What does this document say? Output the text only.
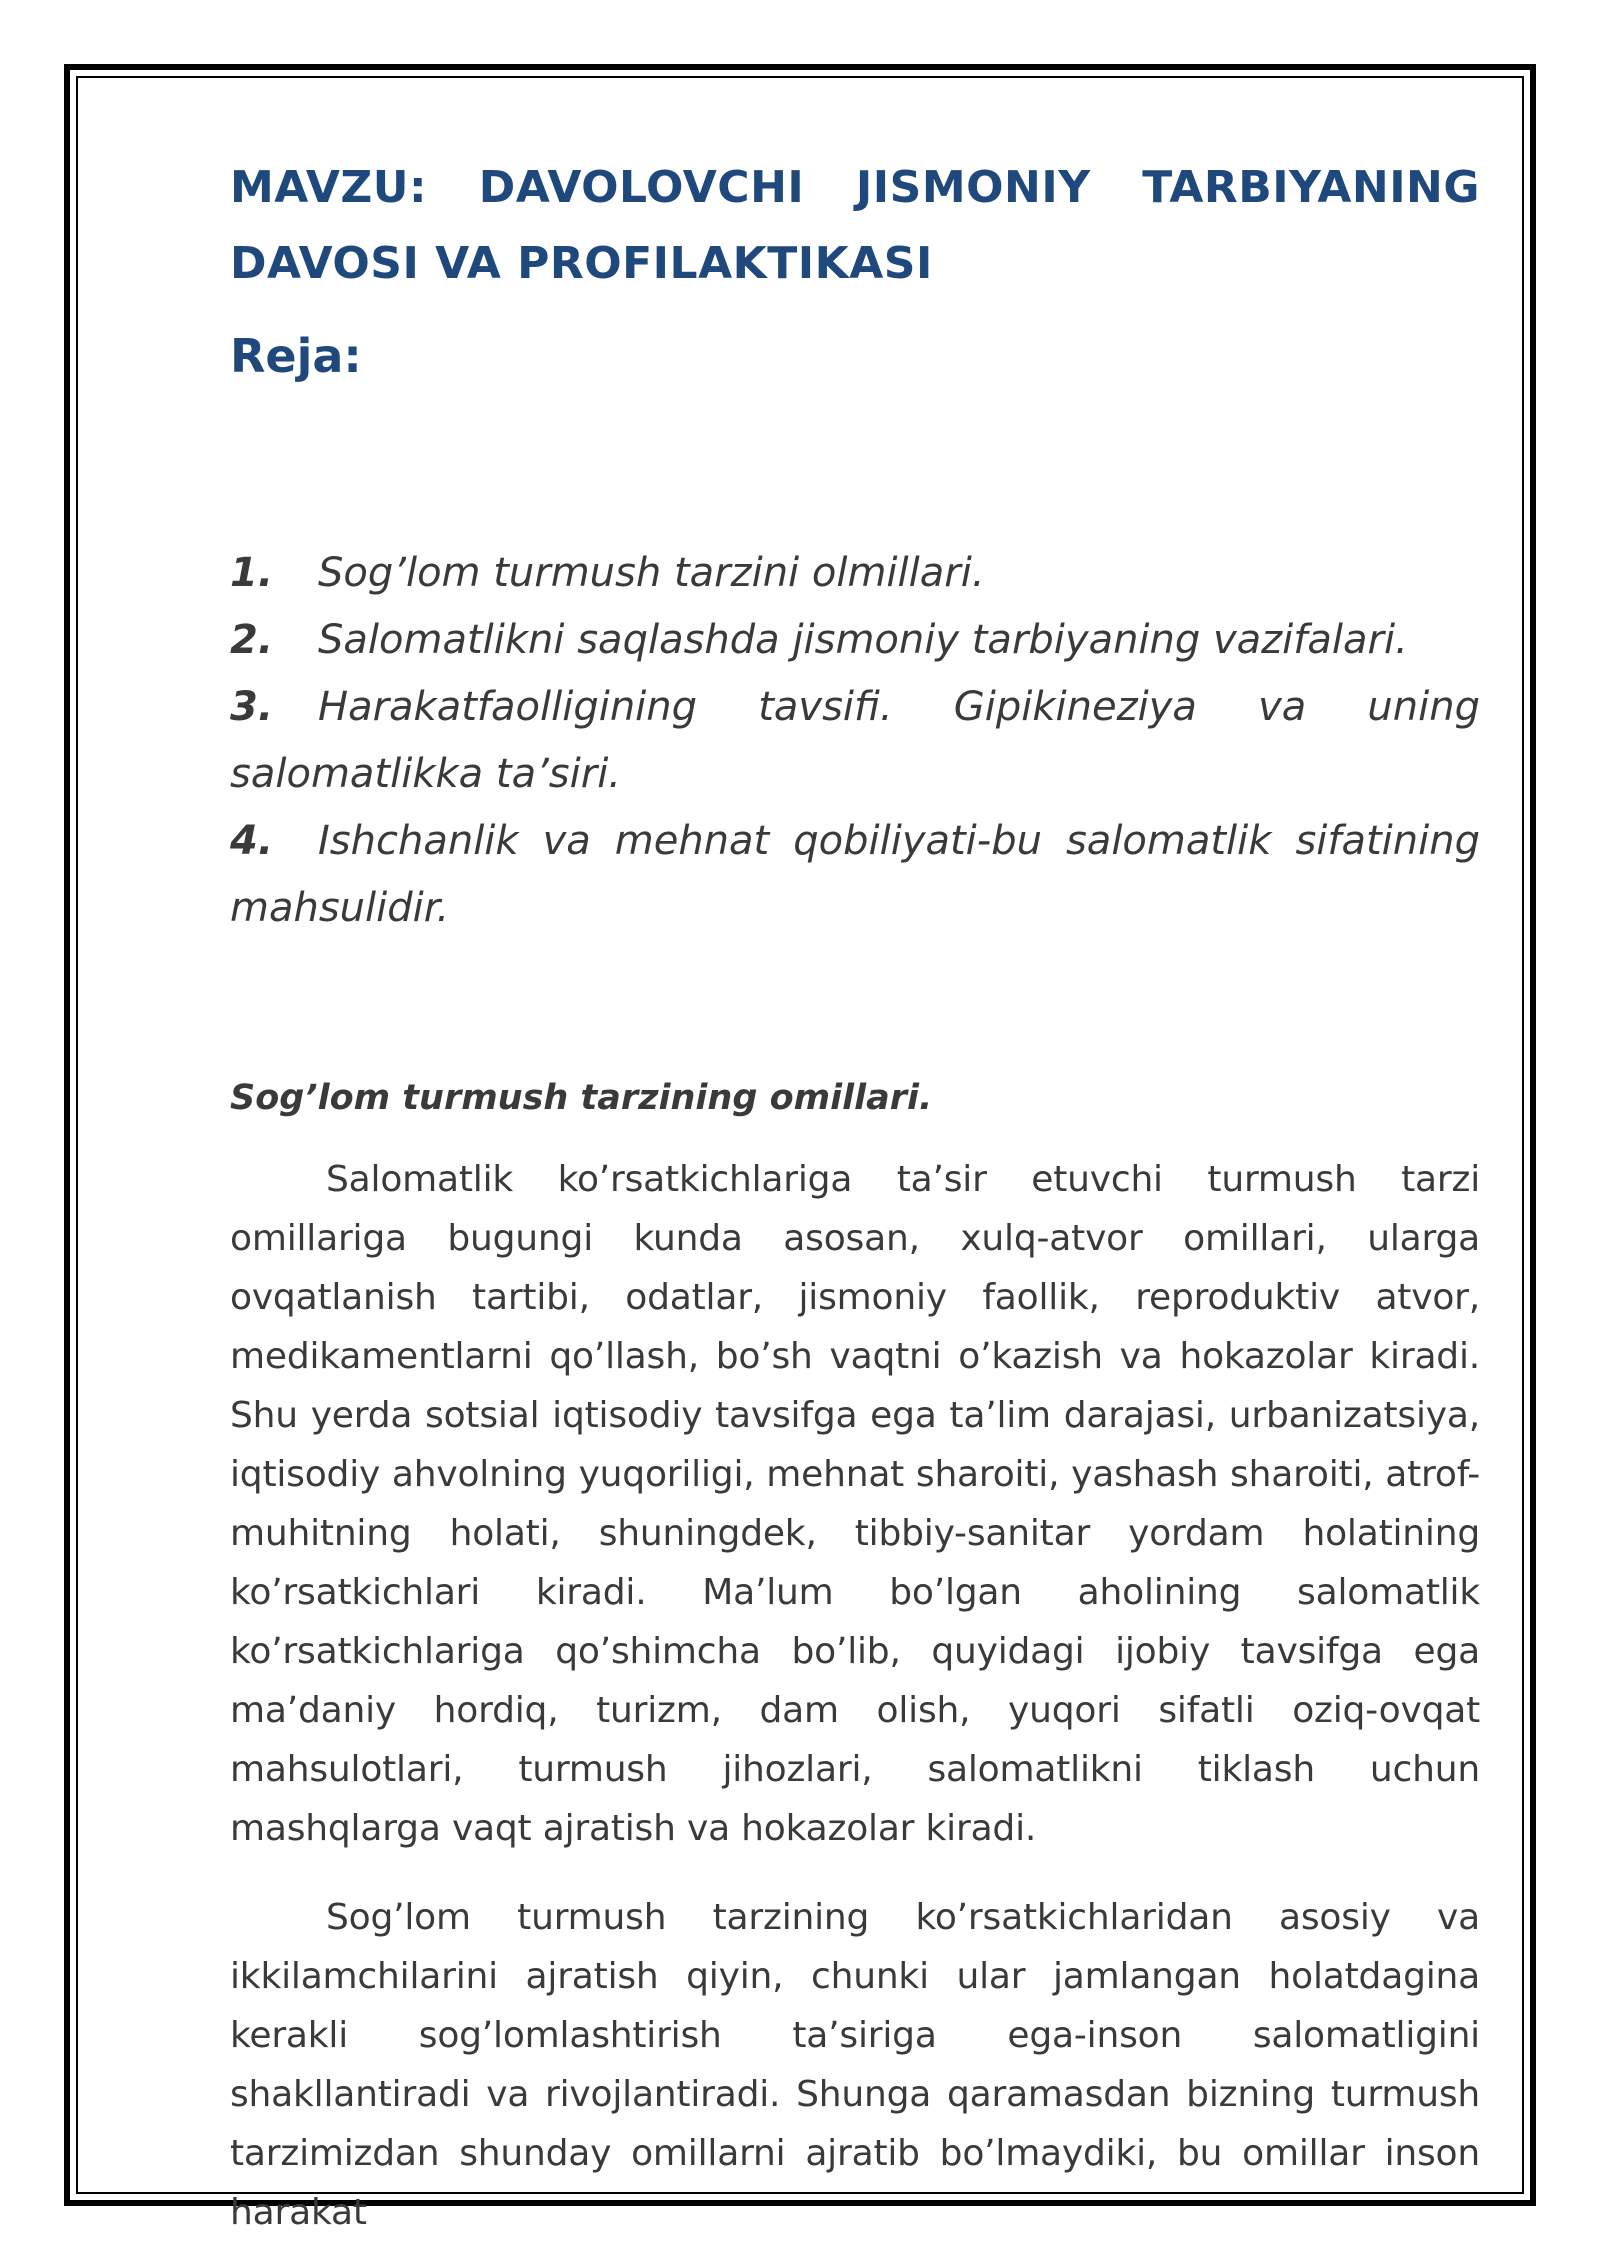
MAVZU: DAVOLOVCHI JISMONIY TARBIYANING DAVOSI VA PROFILAKTIKASI
Reja:
1. Sog’lom turmush tarzini olmillari.
2. Salomatlikni saqlashda jismoniy tarbiyaning vazifalari.
3. Harakatfaolligining tavsifi. Gipikineziya va uning salomatlikka ta’siri.
4. Ishchanlik va mehnat qobiliyati-bu salomatlik sifatining mahsulidir.
Sog’lom turmush tarzining omillari.

Salomatlik ko’rsatkichlariga ta’sir etuvchi turmush tarzi omillariga bugungi kunda asosan, xulq-atvor omillari, ularga ovqatlanish tartibi, odatlar, jismoniy faollik, reproduktiv atvor, medikamentlarni qo’llash, bo’sh vaqtni o’kazish va hokazolar kiradi. Shu yerda sotsial iqtisodiy tavsifga ega ta’lim darajasi, urbanizatsiya, iqtisodiy ahvolning yuqoriligi, mehnat sharoiti, yashash sharoiti, atrof-muhitning holati, shuningdek, tibbiy-sanitar yordam holatining ko’rsatkichlari kiradi. Ma’lum bo’lgan aholining salomatlik ko’rsatkichlariga qo’shimcha bo’lib, quyidagi ijobiy tavsifga ega ma’daniy hordiq, turizm, dam olish, yuqori sifatli oziq-ovqat mahsulotlari, turmush jihozlari, salomatlikni tiklash uchun mashqlarga vaqt ajratish va hokazolar kiradi.

Sog’lom turmush tarzining ko’rsatkichlaridan asosiy va ikkilamchilarini ajratish qiyin, chunki ular jamlangan holatdagina kerakli sog’lomlashtirish ta’siriga ega-inson salomatligini shakllantiradi va rivojlantiradi. Shunga qaramasdan bizning turmush tarzimizdan shunday omillarni ajratib bo’lmaydiki, bu omillar inson harakat
